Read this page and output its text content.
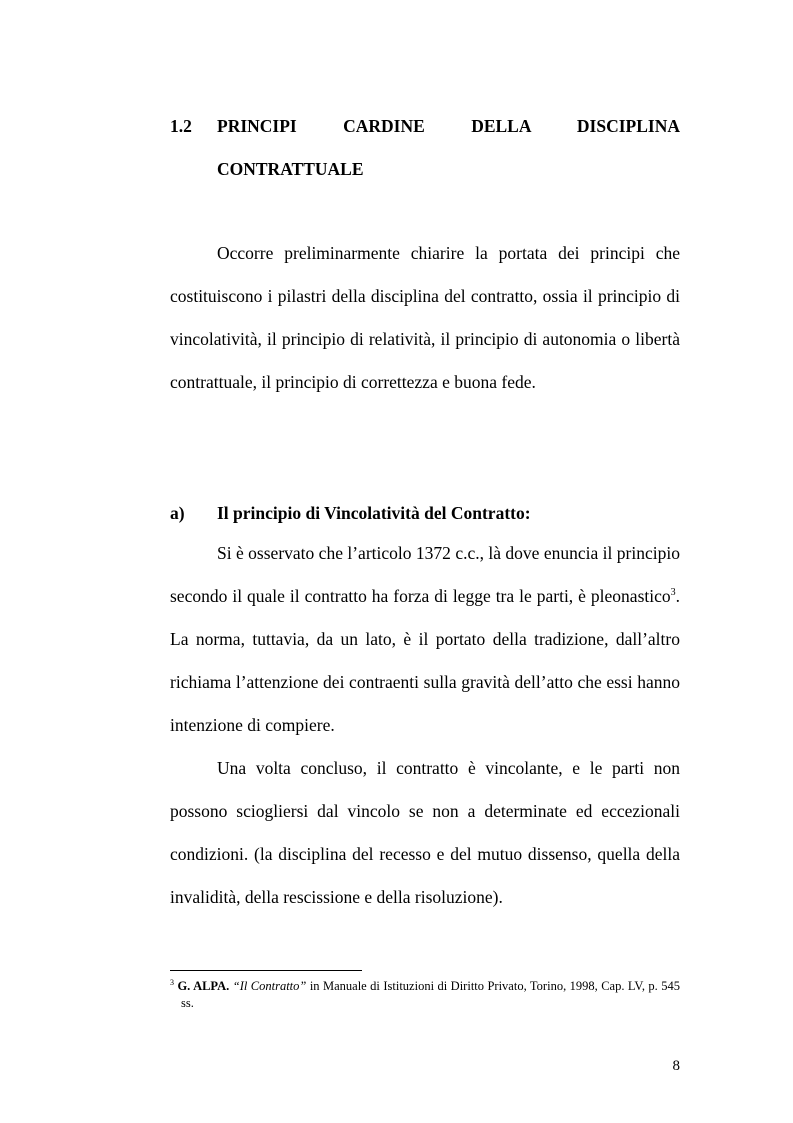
1.2 PRINCIPI CARDINE DELLA DISCIPLINA
CONTRATTUALE

Occorre preliminarmente chiarire la portata dei principi che costituiscono i pilastri della disciplina del contratto, ossia il principio di vincolatività, il principio di relatività, il principio di autonomia o libertà contrattuale, il principio di correttezza e buona fede.

a) Il principio di Vincolatività del Contratto:

Si è osservato che l’articolo 1372 c.c., là dove enuncia il principio secondo il quale il contratto ha forza di legge tra le parti, è pleonastico$^3$. La norma, tuttavia, da un lato, è il portato della tradizione, dall’altro richiama l’attenzione dei contraenti sulla gravità dell’atto che essi hanno intenzione di compiere.

Una volta concluso, il contratto è vincolante, e le parti non possono sciogliersi dal vincolo se non a determinate ed eccezionali condizioni. (la disciplina del recesso e del mutuo dissenso, quella della invalidità, della rescissione e della risoluzione).

$^3$ G. ALPA. “Il Contratto” in Manuale di Istituzioni di Diritto Privato, Torino, 1998, Cap. LV, p. 545 ss.
8
